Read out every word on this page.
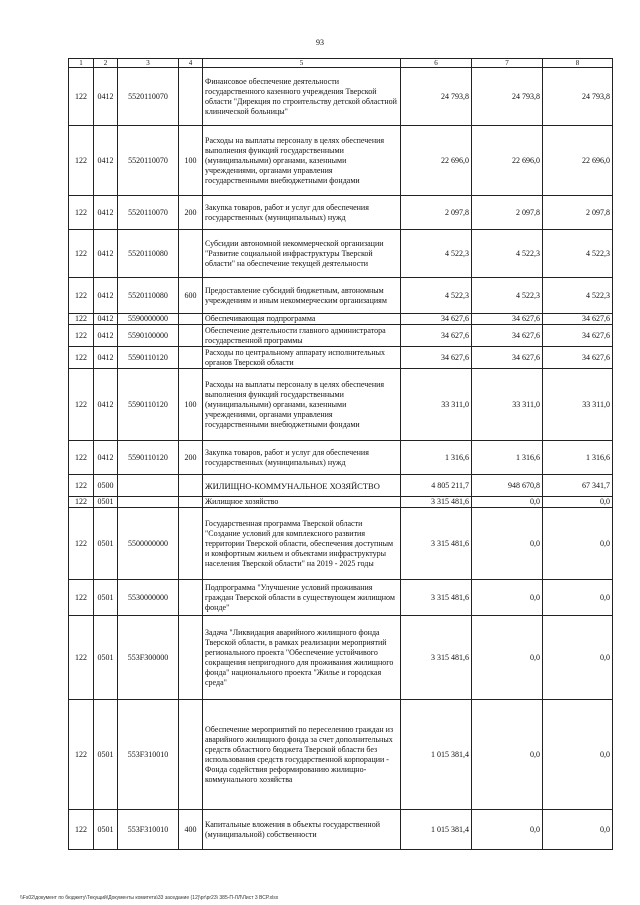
93
1	2	3	4	5	6	7	8
122	0412	5520110070		Финансовое обеспечение деятельности государственного казенного учреждения Тверской области "Дирекция по строительству детской областной клинической больницы"	24 793,8	24 793,8	24 793,8
122	0412	5520110070	100	Расходы на выплаты персоналу в целях обеспечения выполнения функций государственными (муниципальными) органами, казенными учреждениями, органами управления государственными внебюджетными фондами	22 696,0	22 696,0	22 696,0
122	0412	5520110070	200	Закупка товаров, работ и услуг для обеспечения государственных (муниципальных) нужд	2 097,8	2 097,8	2 097,8
122	0412	5520110080		Субсидии автономной некоммерческой организации "Развитие социальной инфраструктуры Тверской области" на обеспечение текущей деятельности	4 522,3	4 522,3	4 522,3
122	0412	5520110080	600	Предоставление субсидий бюджетным, автономным учреждениям и иным некоммерческим организациям	4 522,3	4 522,3	4 522,3
122	0412	5590000000		Обеспечивающая подпрограмма	34 627,6	34 627,6	34 627,6
122	0412	5590100000		Обеспечение деятельности главного администратора государственной программы	34 627,6	34 627,6	34 627,6
122	0412	5590110120		Расходы по центральному аппарату исполнительных органов Тверской области	34 627,6	34 627,6	34 627,6
122	0412	5590110120	100	Расходы на выплаты персоналу в целях обеспечения выполнения функций государственными (муниципальными) органами, казенными учреждениями, органами управления государственными внебюджетными фондами	33 311,0	33 311,0	33 311,0
122	0412	5590110120	200	Закупка товаров, работ и услуг для обеспечения государственных (муниципальных) нужд	1 316,6	1 316,6	1 316,6
122	0500			ЖИЛИЩНО-КОММУНАЛЬНОЕ ХОЗЯЙСТВО	4 805 211,7	948 670,8	67 341,7
122	0501			Жилищное хозяйство	3 315 481,6	0,0	0,0
122	0501	5500000000		Государственная программа Тверской области "Создание условий для комплексного развития территории Тверской области, обеспечения доступным и комфортным жильем и объектами инфраструктуры населения Тверской области" на 2019 - 2025 годы	3 315 481,6	0,0	0,0
122	0501	5530000000		Подпрограмма "Улучшение условий проживания граждан Тверской области в существующем жилищном фонде"	3 315 481,6	0,0	0,0
122	0501	553F300000		Задача "Ликвидация аварийного жилищного фонда Тверской области, в рамках реализации мероприятий регионального проекта "Обеспечение устойчивого сокращения непригодного для проживания жилищного фонда" национального проекта "Жилье и городская среда"	3 315 481,6	0,0	0,0
122	0501	553F310010		Обеспечение мероприятий по переселению граждан из аварийного жилищного фонда за счет дополнительных средств областного бюджета Тверской области без использования средств государственной корпорации - Фонда содействия реформированию жилищно-коммунального хозяйства	1 015 381,4	0,0	0,0
122	0501	553F310010	400	Капитальные вложения в объекты государственной (муниципальной) собственности	1 015 381,4	0,0	0,0
\\Fs02\документ по бюджету\Текущий\Документы комитета\33 заседание (12)\pr\pr23\ 385-П-ЛЛ\Лист 3 ВСР.xlsx
